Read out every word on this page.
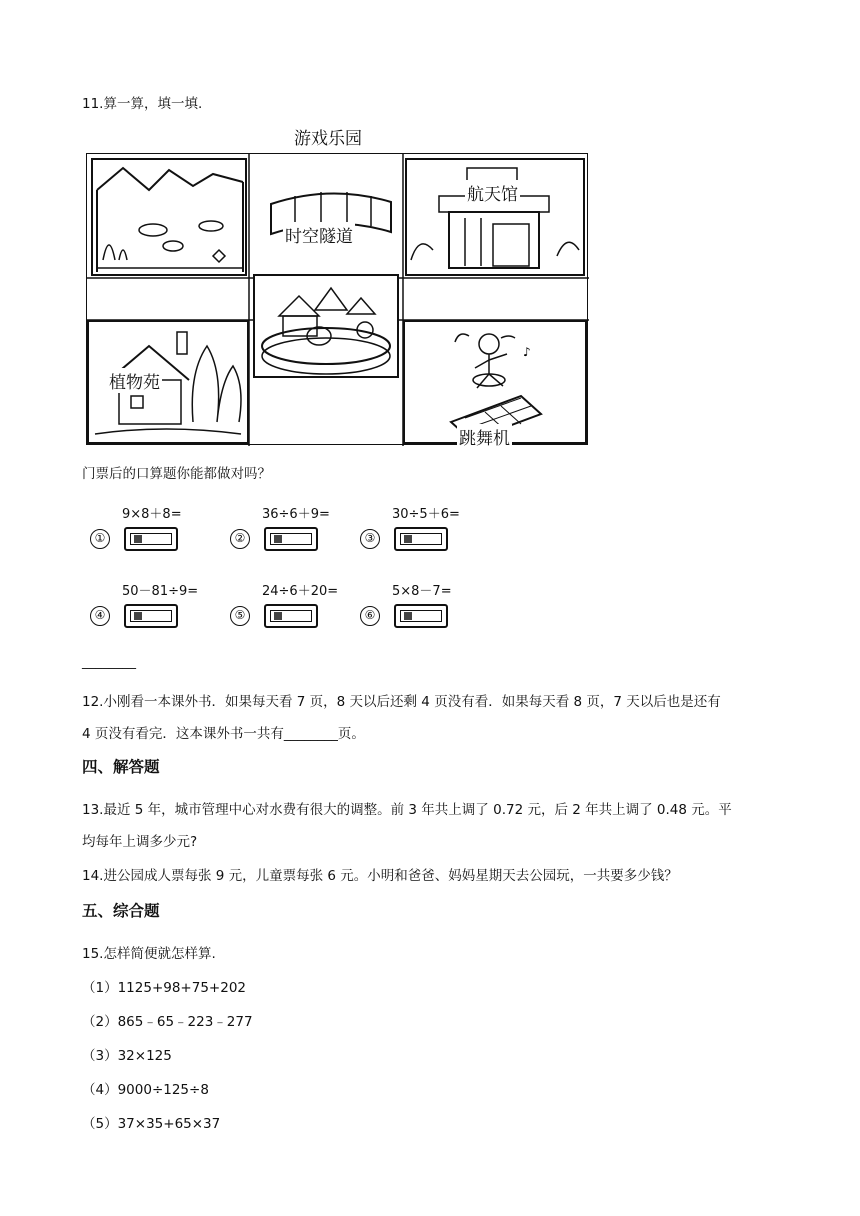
11.算一算，填一填.
游戏乐园
时空隧道
航天馆
植物苑
♪
跳舞机
门票后的口算题你能都做对吗？
9×8＋8=
①
36÷6＋9=
②
30÷5＋6=
③
50－81÷9=
④
24÷6＋20=
⑤
5×8－7=
⑥
________
12.小刚看一本课外书．如果每天看 7 页，8 天以后还剩 4 页没有看．如果每天看 8 页，7 天以后也是还有
4 页没有看完．这本课外书一共有________页。
四、解答题
13.最近 5 年，城市管理中心对水费有很大的调整。前 3 年共上调了 0.72 元，后 2 年共上调了 0.48 元。平
均每年上调多少元?
14.进公园成人票每张 9 元，儿童票每张 6 元。小明和爸爸、妈妈星期天去公园玩，一共要多少钱？
五、综合题
15.怎样简便就怎样算.
（1）1125+98+75+202
（2）865﹣65﹣223﹣277
（3）32×125
（4）9000÷125÷8
（5）37×35+65×37
